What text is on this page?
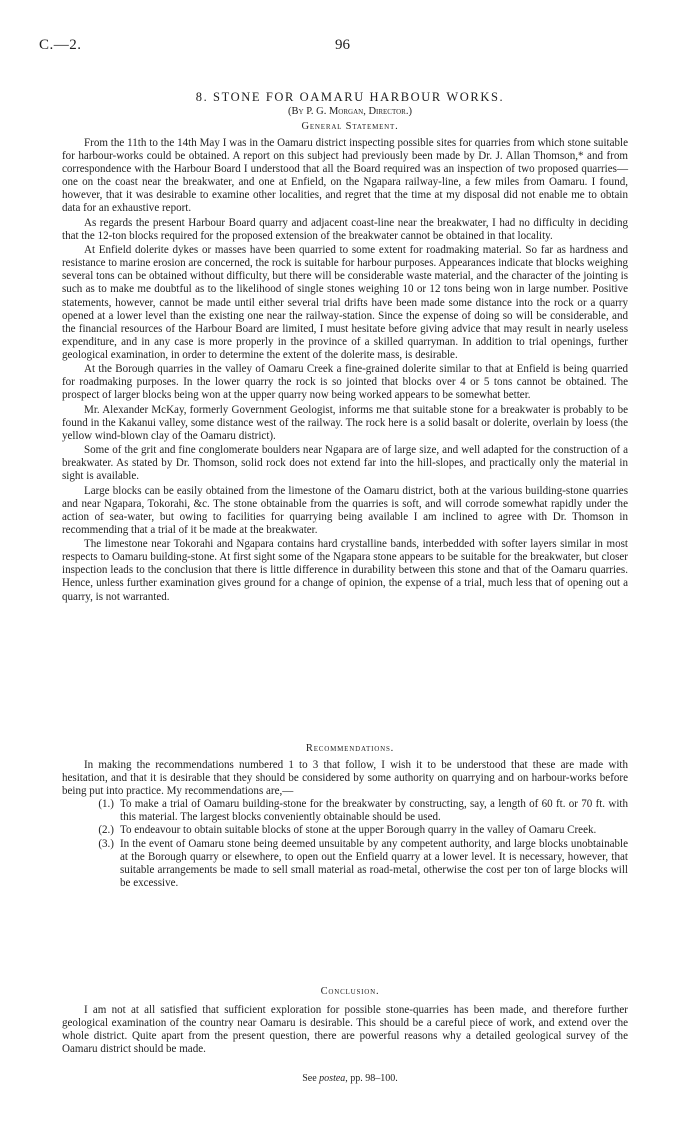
C.—2.	96
8. STONE FOR OAMARU HARBOUR WORKS.
(By P. G. Morgan, Director.)
General Statement.

From the 11th to the 14th May I was in the Oamaru district inspecting possible sites for quarries from which stone suitable for harbour-works could be obtained. A report on this subject had previously been made by Dr. J. Allan Thomson,* and from correspondence with the Harbour Board I understood that all the Board required was an inspection of two proposed quarries—one on the coast near the breakwater, and one at Enfield, on the Ngapara railway-line, a few miles from Oamaru. I found, however, that it was desirable to examine other localities, and regret that the time at my disposal did not enable me to obtain data for an exhaustive report.

As regards the present Harbour Board quarry and adjacent coast-line near the breakwater, I had no difficulty in deciding that the 12-ton blocks required for the proposed extension of the breakwater cannot be obtained in that locality.

At Enfield dolerite dykes or masses have been quarried to some extent for roadmaking material. So far as hardness and resistance to marine erosion are concerned, the rock is suitable for harbour purposes. Appearances indicate that blocks weighing several tons can be obtained without difficulty, but there will be considerable waste material, and the character of the jointing is such as to make me doubtful as to the likelihood of single stones weighing 10 or 12 tons being won in large number. Positive statements, however, cannot be made until either several trial drifts have been made some distance into the rock or a quarry opened at a lower level than the existing one near the railway-station. Since the expense of doing so will be considerable, and the financial resources of the Harbour Board are limited, I must hesitate before giving advice that may result in nearly useless expenditure, and in any case is more properly in the province of a skilled quarryman. In addition to trial openings, further geological examination, in order to determine the extent of the dolerite mass, is desirable.

At the Borough quarries in the valley of Oamaru Creek a fine-grained dolerite similar to that at Enfield is being quarried for roadmaking purposes. In the lower quarry the rock is so jointed that blocks over 4 or 5 tons cannot be obtained. The prospect of larger blocks being won at the upper quarry now being worked appears to be somewhat better.

Mr. Alexander McKay, formerly Government Geologist, informs me that suitable stone for a breakwater is probably to be found in the Kakanui valley, some distance west of the railway. The rock here is a solid basalt or dolerite, overlain by loess (the yellow wind-blown clay of the Oamaru district).

Some of the grit and fine conglomerate boulders near Ngapara are of large size, and well adapted for the construction of a breakwater. As stated by Dr. Thomson, solid rock does not extend far into the hill-slopes, and practically only the material in sight is available.

Large blocks can be easily obtained from the limestone of the Oamaru district, both at the various building-stone quarries and near Ngapara, Tokorahi, &c. The stone obtainable from the quarries is soft, and will corrode somewhat rapidly under the action of sea-water, but owing to facilities for quarrying being available I am inclined to agree with Dr. Thomson in recommending that a trial of it be made at the breakwater.

The limestone near Tokorahi and Ngapara contains hard crystalline bands, interbedded with softer layers similar in most respects to Oamaru building-stone. At first sight some of the Ngapara stone appears to be suitable for the breakwater, but closer inspection leads to the conclusion that there is little difference in durability between this stone and that of the Oamaru quarries. Hence, unless further examination gives ground for a change of opinion, the expense of a trial, much less that of opening out a quarry, is not warranted.

Recommendations.

In making the recommendations numbered 1 to 3 that follow, I wish it to be understood that these are made with hesitation, and that it is desirable that they should be considered by some authority on quarrying and on harbour-works before being put into practice. My recommendations are,—

(1.) To make a trial of Oamaru building-stone for the breakwater by constructing, say, a length of 60 ft. or 70 ft. with this material. The largest blocks conveniently obtainable should be used.
(2.) To endeavour to obtain suitable blocks of stone at the upper Borough quarry in the valley of Oamaru Creek.
(3.) In the event of Oamaru stone being deemed unsuitable by any competent authority, and large blocks unobtainable at the Borough quarry or elsewhere, to open out the Enfield quarry at a lower level. It is necessary, however, that suitable arrangements be made to sell small material as road-metal, otherwise the cost per ton of large blocks will be excessive.
Conclusion.

I am not at all satisfied that sufficient exploration for possible stone-quarries has been made, and therefore further geological examination of the country near Oamaru is desirable. This should be a careful piece of work, and extend over the whole district. Quite apart from the present question, there are powerful reasons why a detailed geological survey of the Oamaru district should be made.

See postea, pp. 98–100.
